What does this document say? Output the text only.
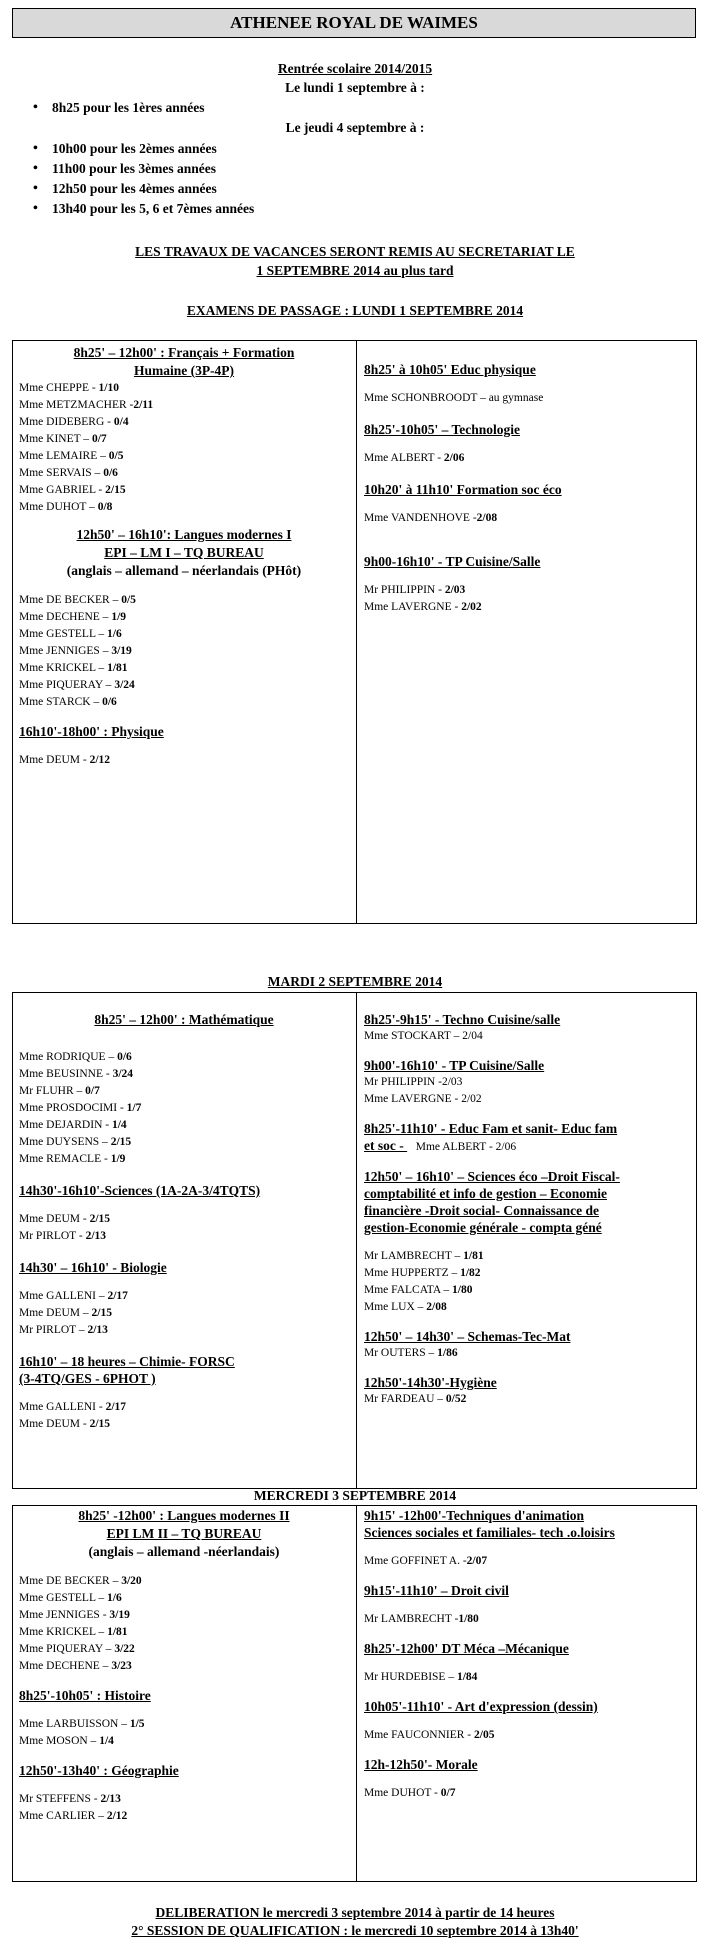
ATHENEE ROYAL DE WAIMES
Rentrée scolaire 2014/2015
Le lundi 1 septembre à :
• 8h25 pour les 1ères années
Le jeudi 4 septembre à :
• 10h00 pour les 2èmes années
• 11h00 pour les 3èmes années
• 12h50 pour les 4èmes années
• 13h40 pour les 5, 6 et 7èmes années
LES TRAVAUX DE VACANCES SERONT REMIS AU SECRETARIAT LE
1 SEPTEMBRE 2014 au plus tard
EXAMENS DE PASSAGE : LUNDI 1 SEPTEMBRE 2014
8h25' – 12h00' : Français + Formation
Humaine (3P-4P)
Mme CHEPPE - 1/10
Mme METZMACHER -2/11
Mme DIDEBERG - 0/4
Mme KINET – 0/7
Mme LEMAIRE – 0/5
Mme SERVAIS – 0/6
Mme GABRIEL - 2/15
Mme DUHOT – 0/8
12h50' – 16h10': Langues modernes I
EPI – LM I – TQ BUREAU
(anglais – allemand – néerlandais (PHôt)
Mme DE BECKER – 0/5
Mme DECHENE – 1/9
Mme GESTELL – 1/6
Mme JENNIGES – 3/19
Mme KRICKEL – 1/81
Mme PIQUERAY – 3/24
Mme STARCK – 0/6
16h10'-18h00' : Physique
Mme DEUM - 2/12
8h25' à 10h05' Educ physique
Mme SCHONBROODT – au gymnase
8h25'-10h05' – Technologie
Mme ALBERT - 2/06
10h20' à 11h10' Formation soc éco
Mme VANDENHOVE -2/08
9h00-16h10' - TP Cuisine/Salle
Mr PHILIPPIN - 2/03
Mme LAVERGNE - 2/02
MARDI 2 SEPTEMBRE 2014
8h25' – 12h00' : Mathématique
Mme RODRIQUE – 0/6
Mme BEUSINNE - 3/24
Mr FLUHR – 0/7
Mme PROSDOCIMI - 1/7
Mme DEJARDIN - 1/4
Mme DUYSENS – 2/15
Mme REMACLE - 1/9
14h30'-16h10'-Sciences (1A-2A-3/4TQTS)
Mme DEUM - 2/15
Mr PIRLOT - 2/13
14h30' – 16h10' - Biologie
Mme GALLENI – 2/17
Mme DEUM – 2/15
Mr PIRLOT – 2/13
16h10' – 18 heures – Chimie- FORSC
(3-4TQ/GES - 6PHOT )
Mme GALLENI - 2/17
Mme DEUM - 2/15
8h25'-9h15' - Techno Cuisine/salle
Mme STOCKART – 2/04
9h00'-16h10' - TP Cuisine/Salle
Mr PHILIPPIN -2/03
Mme LAVERGNE - 2/02
8h25'-11h10' - Educ Fam et sanit- Educ fam
et soc -    Mme ALBERT - 2/06
12h50' – 16h10' – Sciences éco –Droit Fiscal-
comptabilité et info de gestion – Economie
financière -Droit social- Connaissance de
gestion-Economie générale - compta géné
Mr LAMBRECHT – 1/81
Mme HUPPERTZ – 1/82
Mme FALCATA – 1/80
Mme LUX – 2/08
12h50' – 14h30' – Schemas-Tec-Mat
Mr OUTERS – 1/86
12h50'-14h30'-Hygiène
Mr FARDEAU – 0/52
MERCREDI 3 SEPTEMBRE 2014
8h25' -12h00' : Langues modernes II
EPI LM II – TQ BUREAU
(anglais – allemand -néerlandais)
Mme DE BECKER – 3/20
Mme GESTELL – 1/6
Mme JENNIGES - 3/19
Mme KRICKEL – 1/81
Mme PIQUERAY – 3/22
Mme DECHENE – 3/23
8h25'-10h05' : Histoire
Mme LARBUISSON – 1/5
Mme MOSON – 1/4
12h50'-13h40' : Géographie
Mr STEFFENS - 2/13
Mme CARLIER – 2/12
9h15' -12h00'-Techniques d'animation
Sciences sociales et familiales- tech .o.loisirs
Mme GOFFINET A. -2/07
9h15'-11h10' – Droit civil
Mr LAMBRECHT -1/80
8h25'-12h00' DT Méca –Mécanique
Mr HURDEBISE – 1/84
10h05'-11h10' - Art d'expression (dessin)
Mme FAUCONNIER - 2/05
12h-12h50'- Morale
Mme DUHOT - 0/7
DELIBERATION le mercredi 3 septembre 2014 à partir de 14 heures
2° SESSION DE QUALIFICATION : le mercredi 10 septembre 2014 à 13h40'
